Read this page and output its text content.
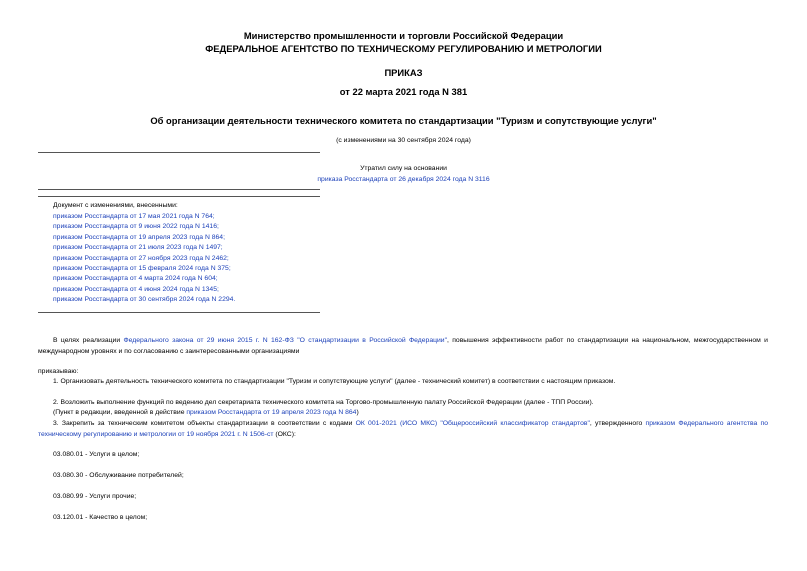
Министерство промышленности и торговли Российской Федерации
ФЕДЕРАЛЬНОЕ АГЕНТСТВО ПО ТЕХНИЧЕСКОМУ РЕГУЛИРОВАНИЮ И МЕТРОЛОГИИ
ПРИКАЗ
от 22 марта 2021 года N 381
Об организации деятельности технического комитета по стандартизации "Туризм и сопутствующие услуги"
(с изменениями на 30 сентября 2024 года)
Утратил силу на основании
приказа Росстандарта от 26 декабря 2024 года N 3116
Документ с изменениями, внесенными:
приказом Росстандарта от 17 мая 2021 года N 764;
приказом Росстандарта от 9 июня 2022 года N 1416;
приказом Росстандарта от 19 апреля 2023 года N 864;
приказом Росстандарта от 21 июля 2023 года N 1497;
приказом Росстандарта от 27 ноября 2023 года N 2462;
приказом Росстандарта от 15 февраля 2024 года N 375;
приказом Росстандарта от 4 марта 2024 года N 604;
приказом Росстандарта от 4 июня 2024 года N 1345;
приказом Росстандарта от 30 сентября 2024 года N 2294.
В целях реализации Федерального закона от 29 июня 2015 г. N 162-ФЗ "О стандартизации в Российской Федерации", повышения эффективности работ по стандартизации на национальном, межгосударственном и международном уровнях и по согласованию с заинтересованными организациями
приказываю:
1. Организовать деятельность технического комитета по стандартизации "Туризм и сопутствующие услуги" (далее - технический комитет) в соответствии с настоящим приказом.
2. Возложить выполнение функций по ведению дел секретариата технического комитета на Торгово-промышленную палату Российской Федерации (далее - ТПП России).
(Пункт в редакции, введенной в действие приказом Росстандарта от 19 апреля 2023 года N 864)
3. Закрепить за техническим комитетом объекты стандартизации в соответствии с кодами ОК 001-2021 (ИСО МКС) "Общероссийский классификатор стандартов", утвержденного приказом Федерального агентства по техническому регулированию и метрологии от 19 ноября 2021 г. N 1506-ст (ОКС):
03.080.01 - Услуги в целом;
03.080.30 - Обслуживание потребителей;
03.080.99 - Услуги прочие;
03.120.01 - Качество в целом;
